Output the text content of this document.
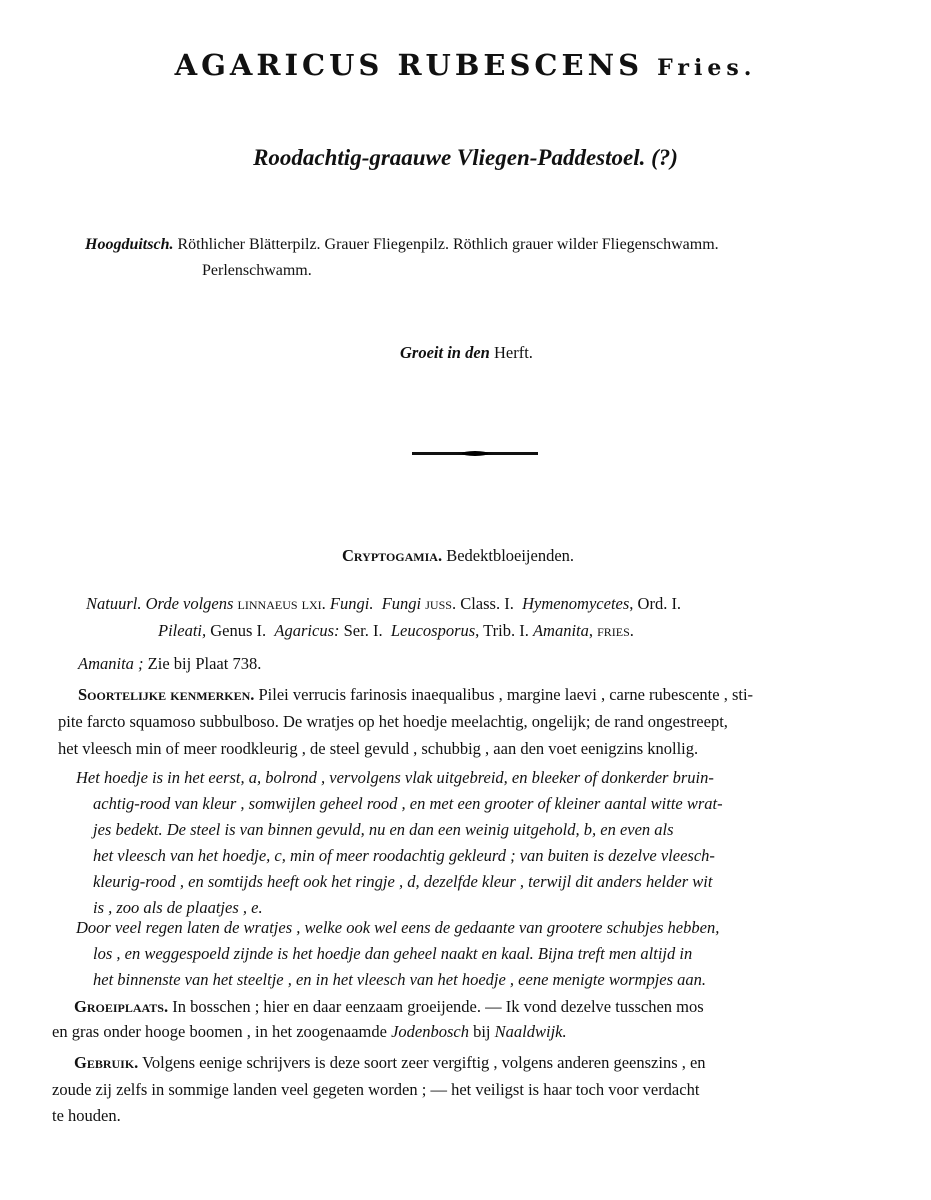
AGARICUS RUBESCENS Fries.
Roodachtig-graauwe Vliegen-Paddestoel. (?)
Hoogduitsch. Röthlicher Blätterpilz. Grauer Fliegenpilz. Röthlich grauer wilder Fliegenschwamm.
Perlenschwamm.
Groeit in den Herft.
Cryptogamia. Bedektbloeijenden.
Natuurl. Orde volgens linnaeus lxi. Fungi. Fungi juss. Class. I. Hymenomycetes, Ord. I.
Pileati, Genus I. Agaricus: Ser. I. Leucosporus, Trib. I. Amanita, fries.
Amanita ; Zie bij Plaat 738.
Soortelijke kenmerken. Pilei verrucis farinosis inaequalibus , margine laevi , carne rubescente , sti-
pite farcto squamoso subbulboso. De wratjes op het hoedje meelachtig, ongelijk; de rand ongestreept,
het vleesch min of meer roodkleurig , de steel gevuld , schubbig , aan den voet eenigzins knollig.
Het hoedje is in het eerst, a, bolrond , vervolgens vlak uitgebreid, en bleeker of donkerder bruin-
achtig-rood van kleur , somwijlen geheel rood , en met een grooter of kleiner aantal witte wrat-
jes bedekt. De steel is van binnen gevuld, nu en dan een weinig uitgehold, b, en even als
het vleesch van het hoedje, c, min of meer roodachtig gekleurd ; van buiten is dezelve vleesch-
kleurig-rood , en somtijds heeft ook het ringje , d, dezelfde kleur , terwijl dit anders helder wit
is , zoo als de plaatjes , e.
Door veel regen laten de wratjes , welke ook wel eens de gedaante van grootere schubjes hebben,
los , en weggespoeld zijnde is het hoedje dan geheel naakt en kaal. Bijna treft men altijd in
het binnenste van het steeltje , en in het vleesch van het hoedje , eene menigte wormpjes aan.
Groeiplaats. In bosschen ; hier en daar eenzaam groeijende. — Ik vond dezelve tusschen mos
en gras onder hooge boomen , in het zoogenaamde Jodenbosch bij Naaldwijk.
Gebruik. Volgens eenige schrijvers is deze soort zeer vergiftig , volgens anderen geenszins , en
zoude zij zelfs in sommige landen veel gegeten worden ; — het veiligst is haar toch voor verdacht
te houden.
